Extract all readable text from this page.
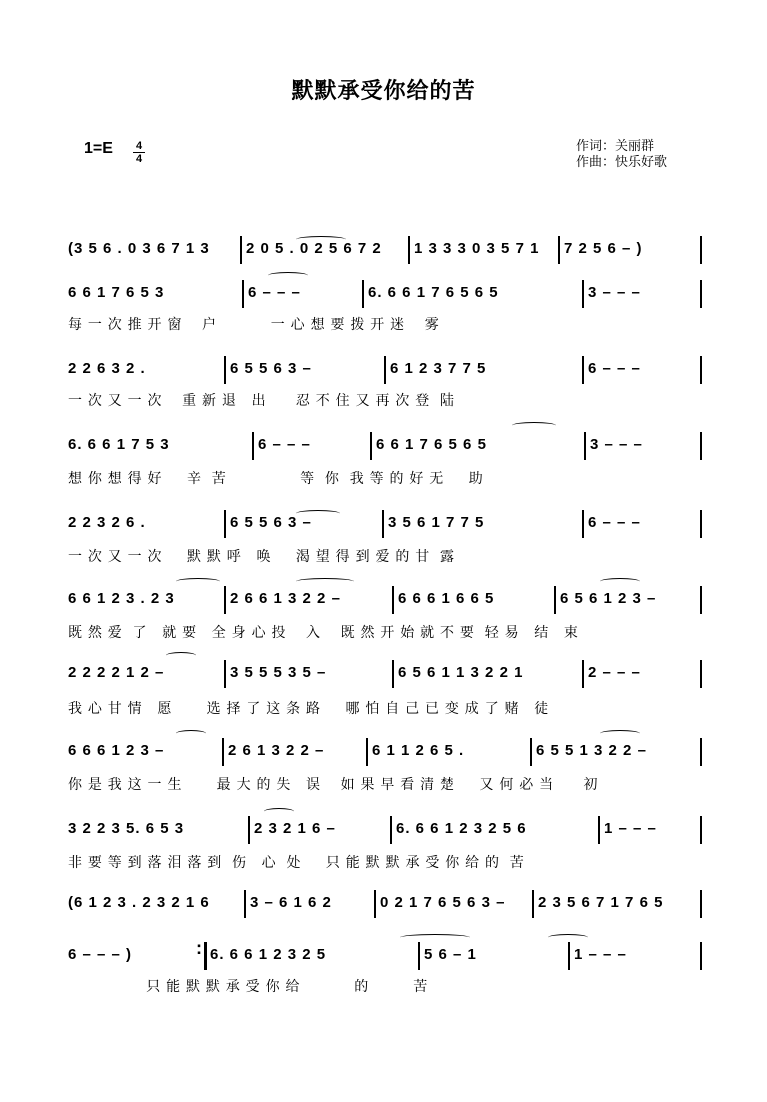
默默承受你给的苦
1=E	4
4
作词：关丽群
作曲：快乐好歌
(3 5 6 . 0 3 6 7 1 3 2 0 5 . 0 2 5 6 7 2 1 3 3 3 0 3 5 7 1 7 2 5 6 – )
每 一 次 推 开 窗    户           一 心 想 要 拨 开 迷    雾
6 6 1 7 6 5 3	6 – – –	6. 6 6 1 7 6 5 6 5	3 – – –
一 次 又 一 次    重 新 退   出      忍 不 住 又 再 次 登  陆
2 2 6 3 2 .	6 5 5 6 3 –	6 1 2 3 7 7 5	6 – – –
想 你 想 得 好     辛  苦               等  你  我 等 的 好 无     助
6. 6 6 1 7 5 3	6 – – –	6 6 1 7 6 5 6 5	3 – – –
一 次 又 一 次     默 默 呼   唤     渴 望 得 到 爱 的 甘  露
2 2 3 2 6 .	6 5 5 6 3 –	3 5 6 1 7 7 5	6 – – –
既 然 爱  了   就 要   全 身 心 投    入    既 然 开 始 就 不 要  轻 易   结   束
6 6 1 2 3 . 2 3	2 6 6 1 3 2 2 –	6 6 6 1 6 6 5	6 5 6 1 2 3 –
我 心 甘 情   愿       选 择 了 这 条 路     哪 怕 自 己 已 变 成 了 赌   徒
2 2 2 2 1 2 –	3 5 5 5 3 5 –	6 5 6 1 1 3 2 2 1	2 – – –
你 是 我 这 一 生       最 大 的 失   误    如 果 早 看 清 楚     又 何 必 当      初
6 6 6 1 2 3 –	2 6 1 3 2 2 –	6 1 1 2 6 5 .	6 5 5 1 3 2 2 –
非 要 等 到 落 泪 落 到  伤   心  处     只 能 默 默 承 受 你 给 的  苦
3 2 2 3 5. 6 5 3	2 3 2 1 6 –	6. 6 6 1 2 3 2 5 6	1 – – –
(6 1 2 3 . 2 3 2 1 6	3 – 6 1 6 2	0 2 1 7 6 5 6 3 – 2 3 5 6 7 1 7 6 5
6 – – – )	6. 6 6 1 2 3 2 5	5 6 – 1	1 – – –
:
只 能 默 默 承 受 你 给           的         苦
